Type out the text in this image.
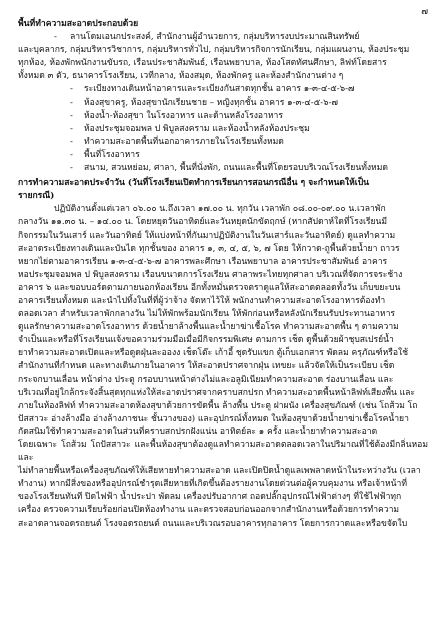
๗
พื้นที่ทำความสะอาดประกอบด้วย
-	ลานโดมเอนกประสงค์, สำนักงานผู้อำนวยการ, กลุ่มบริหารงบประมาณสินทรัพย์
และบุคลากร, กลุ่มบริหารวิชาการ, กลุ่มบริหารทั่วไป, กลุ่มบริหารกิจการนักเรียน, กลุ่มแผนงาน, ห้องประชุม
ทุกห้อง, ห้องพักพนักงานขับรถ, เรือนประชาสัมพันธ์, เรือนพยาบาล, ห้องโสตทัศนศึกษา, ลิฟท์โดยสาร
ทั้งหมด ๓ ตัว, ธนาคารโรงเรียน, เวทีกลาง, ห้องสมุด, ห้องพักครู และห้องสำนักงานต่าง ๆ
-	ระเบียงทางเดินหน้าอาคารและระเบียงกันสาดทุกชั้น อาคาร ๑-๓-๔-๕-๖-๗
-	ห้องสุขาครู, ห้องสุขานักเรียนชาย – หญิงทุกชั้น อาคาร ๑-๓-๔-๕-๖-๗
-	ห้องน้ำ-ห้องสุขา ในโรงอาหาร และด้านหลังโรงอาหาร
-	ห้องประชุมจอมพล ป พิบูลสงคราม และห้องน้ำหลังห้องประชุม
-	ทำความสะอาดพื้นที่นอกอาคารภายในโรงเรียนทั้งหมด
-	พื้นที่โรงอาหาร
-	สนาม, สวนหย่อม, ศาลา, พื้นที่นั่งพัก, ถนนและพื้นที่โดยรอบบริเวณโรงเรียนทั้งหมด
การทำความสะอาดประจำวัน (วันที่โรงเรียนเปิดทำการเรียนการสอนกรณีอื่น ๆ จะกำหนดให้เป็น
รายกรณี)
ปฏิบัติงานตั้งแต่เวลา ๐๖.๐๐ น.ถึงเวลา ๑๗.๐๐ น. ทุกวัน เวลาพัก ๐๘.๐๐-๐๙.๐๐ น.เวลาพัก
กลางวัน ๑๑.๓๐ น. – ๑๔.๐๐ น. โดยหยุดวันอาทิตย์และวันหยุดนักขัตฤกษ์ (หากสัปดาห์ใดที่โรงเรียนมี
กิจกรรมในวันเสาร์ และวันอาทิตย์ ให้แบ่งหน้าที่กันมาปฏิบัติงานในวันเสาร์และวันอาทิตย์) ดูแลทำความ
สะอาดระเบียงทางเดินและบันได ทุกชั้นของ อาคาร ๑, ๓, ๔, ๕, ๖, ๗ โดย ให้กวาด-ถูพื้นด้วยน้ำยา ถาวร
หยากไย่ตามอาคารเรียน ๑-๓-๔-๕-๖-๗ อาคารพละศึกษา เรือนพยาบาล อาคารประชาสัมพันธ์ อาคาร
หอประชุมจอมพล ป พิบูลสงคราม เรือนขนาดการโรงเรียน ศาลาพระไทยทุกศาลา บริเวณที่จัดการจระช้าง
อาคาร ๖ และขอบบอร์ดตามภายนอกห้องเรียน อีกทั้งหมั่นตรวจตราดูแลให้สะอาดตลอดทั้งวัน เก็บขยะบน
อาคารเรียนทั้งหมด และนำไปทิ้งในที่ที่ผู้ว่าจ้าง จัดหาไว้ให้ พนักงานทำความสะอาดโรงอาหารต้องทำ
ตลอดเวลา สำหรับเวลาพักกลางวัน ไม่ให้พักพร้อมนักเรียน ให้พักก่อนหรือหลังนักเรียนรับประทานอาหาร
ดูแลรักษาความสะอาดโรงอาหาร ด้วยน้ำยาล้างพื้นและน้ำยาฆ่าเชื้อโรค ทำความสะอาดพื้น ๆ ตามความ
จำเป็นและหรือที่โรงเรียนแจ้งขอความร่วมมือเมื่อมีกิจกรรมพิเศษ ตามการ เช็ด ดูพื้นด้วยผ้าชุบสเปรย์น้ำ
ยาทำความสะอาดเปิดและหรือดูดฝุ่นละอองง เช็ดโต๊ะ เก้าอี้ ชุดรับแขก ตู้เก็บเอกสาร พัดลม ครุภัณฑ์หรือใช้
สำนักงานที่กำหนด และทางเดินภายในอาคาร ให้สะอาดปราศจากฝุ่น เทขยะ แล้วจัดให้เป็นระเบียบ เช็ด
กระจกบานเลื่อน หน้าต่าง ประตู กรอบบานหน้าต่างไม่และอลูมิเนียมทำความสะอาด ร่องบานเลื่อน และ
บริเวณที่อยู่ใกล้กระจังสิ้นสุดทุกแห่งให้สะอาดปราศจากคราบสกปรก ทำความสะอาดพื้นหน้าลิฟท์เสียงพื้น และ
ภายในห้องลิฟท์ ทำความสะอาดห้องสุขาด้วยการขัดพื้น ล้างพื้น ประตู ฝาผนัง เครื่องสุขภัณฑ์ (เช่น โถส้วม โถ
ปัสสาวะ อ่างล้างมือ อ่างล้างภาชนะ ชั้นวางของ) และอุปกรณ์ทั้งหมด ในห้องสุขาด้วยน้ำยาฆ่าเชื้อโรคน้ำยา
กัดสนิมใช้ทำความสะอาดในส่วนที่คราบสกปรกฝังแน่น อาทิตย์ละ ๑ ครั้ง และน้ำยาทำความสะอาด
โดยเฉพาะ โถส้วม โถปัสสาวะ และพื้นห้องสุขาต้องดูแลทำความสะอาดตลอดเวลาในปริมาณที่ใช้ต้องมีกลิ่นหอมและ
ไม่ทำลายพื้นหรือเครื่องสุขภัณฑ์ให้เสียหายทำความสะอาด และเปิดปิดน้ำดูแลเพพลาดหน้าในระหว่างวัน (เวลา
ทำงาน) หากมีสิ่งของหรืออุปกรณ์ชำรุดเสียหายที่เกิดขึ้นต้องรายงานโดยด่วนต่อผู้ควบคุมงาน หรือเจ้าหน้าที่
ของโรงเรียนทันที ปิดไฟฟ้า น้ำประปา พัดลม เครื่องปรับอากาศ ถอดปลั๊กอุปกรณ์ไฟฟ้าต่างๆ ที่ใช้ไฟฟ้าทุก
เครื่อง ตรวจความเรียบร้อยก่อนปิดห้องทำงาน และตรวจสอบก่อนออกจากสำนักงานหรือด้วยการทำความ
สะอาดลานจอดรถยนต์ โรงจอดรถยนต์ ถนนและบริเวณรอบอาคารทุกอาคาร โดยการกวาดและหรือขจัดใบ
